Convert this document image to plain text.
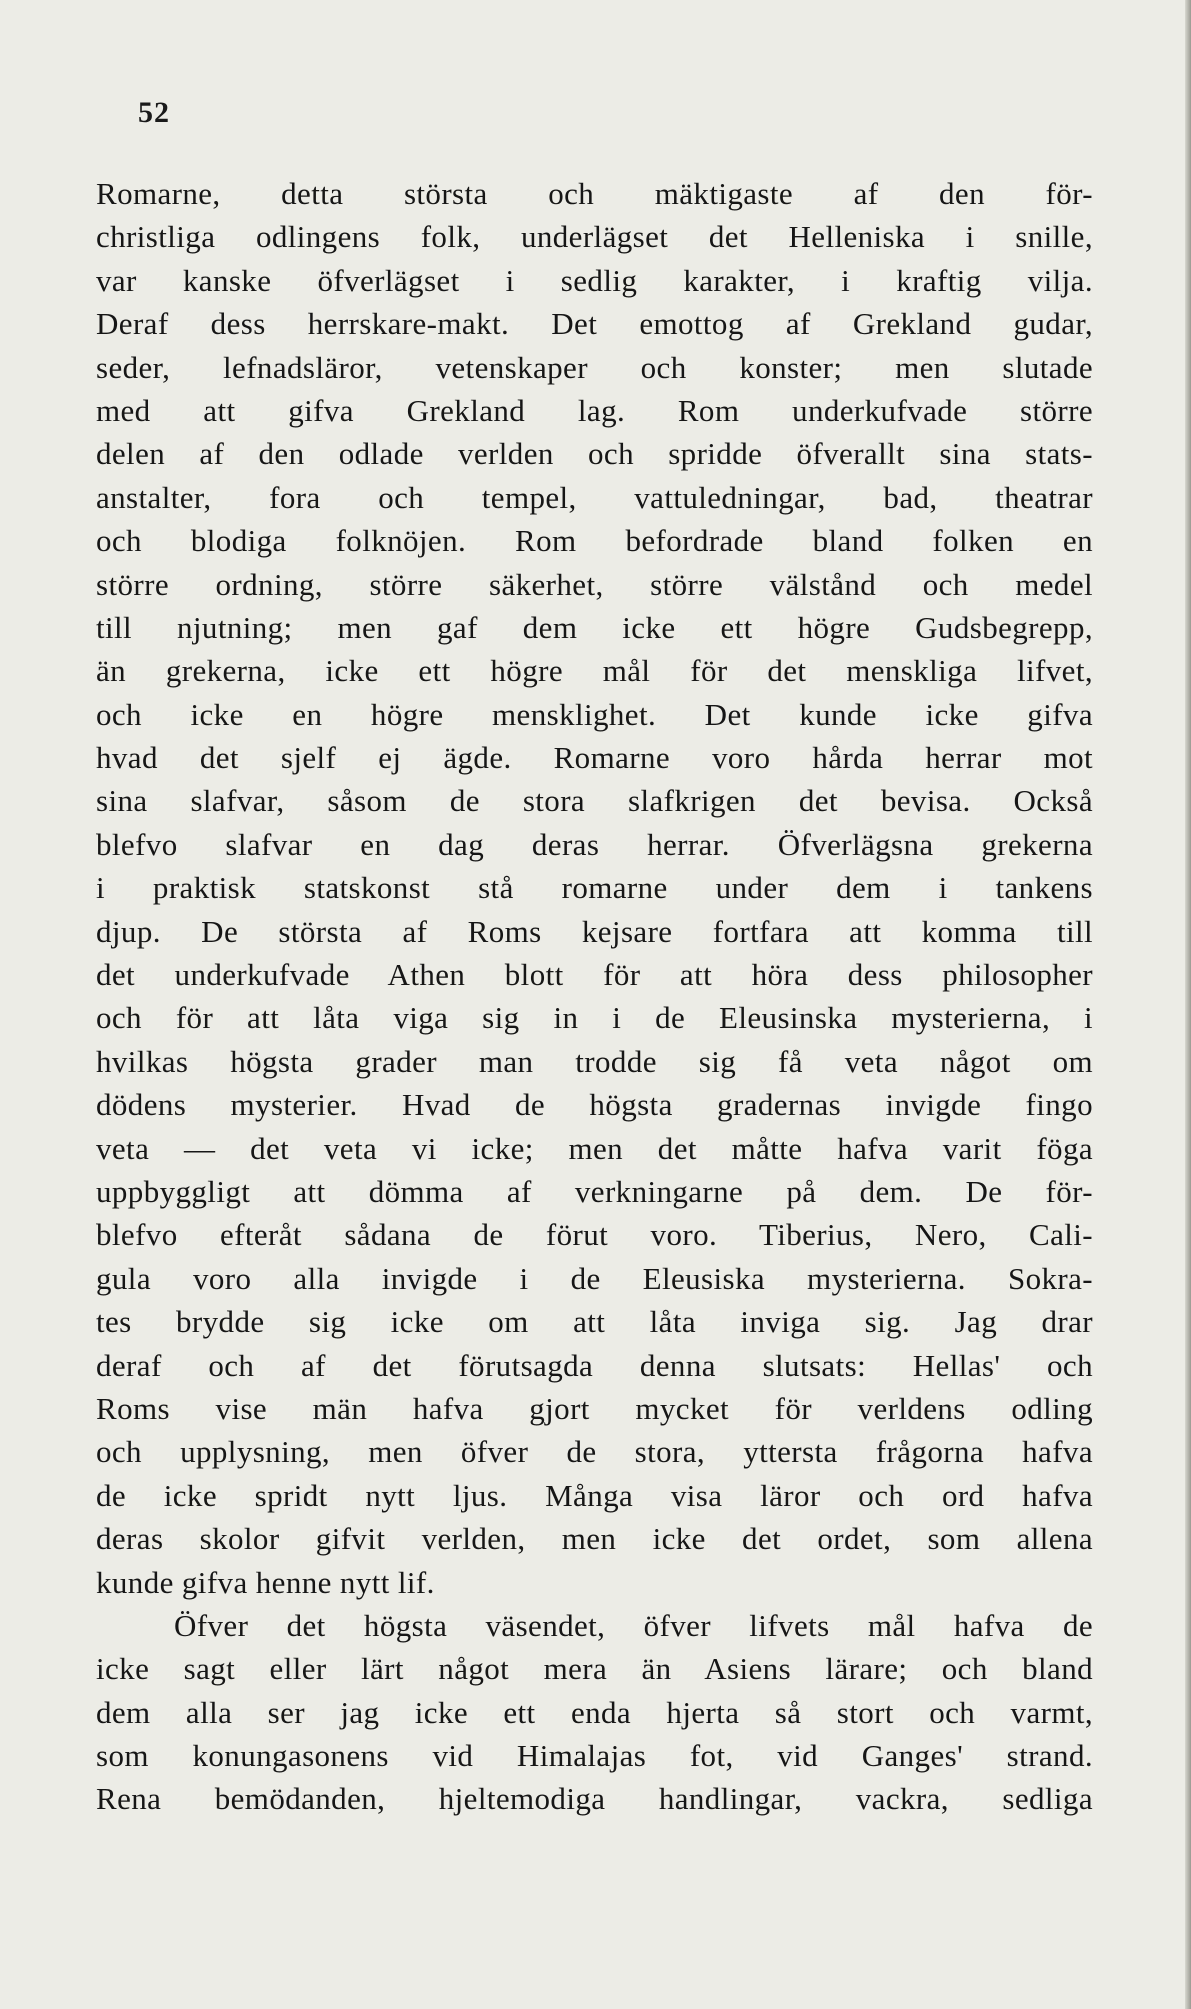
52
Romarne, detta största och mäktigaste af den för-
christliga odlingens folk, underlägset det Helleniska i snille,
var kanske öfverlägset i sedlig karakter, i kraftig vilja.
Deraf dess herrskare-makt. Det emottog af Grekland gudar,
seder, lefnadsläror, vetenskaper och konster; men slutade
med att gifva Grekland lag. Rom underkufvade större
delen af den odlade verlden och spridde öfverallt sina stats-
anstalter, fora och tempel, vattuledningar, bad, theatrar
och blodiga folknöjen. Rom befordrade bland folken en
större ordning, större säkerhet, större välstånd och medel
till njutning; men gaf dem icke ett högre Gudsbegrepp,
än grekerna, icke ett högre mål för det menskliga lifvet,
och icke en högre mensklighet. Det kunde icke gifva
hvad det sjelf ej ägde. Romarne voro hårda herrar mot
sina slafvar, såsom de stora slafkrigen det bevisa. Också
blefvo slafvar en dag deras herrar. Öfverlägsna grekerna
i praktisk statskonst stå romarne under dem i tankens
djup. De största af Roms kejsare fortfara att komma till
det underkufvade Athen blott för att höra dess philosopher
och för att låta viga sig in i de Eleusinska mysterierna, i
hvilkas högsta grader man trodde sig få veta något om
dödens mysterier. Hvad de högsta gradernas invigde fingo
veta — det veta vi icke; men det måtte hafva varit föga
uppbyggligt att dömma af verkningarne på dem. De för-
blefvo efteråt sådana de förut voro. Tiberius, Nero, Cali-
gula voro alla invigde i de Eleusiska mysterierna. Sokra-
tes brydde sig icke om att låta inviga sig. Jag drar
deraf och af det förutsagda denna slutsats: Hellas' och
Roms vise män hafva gjort mycket för verldens odling
och upplysning, men öfver de stora, yttersta frågorna hafva
de icke spridt nytt ljus. Många visa läror och ord hafva
deras skolor gifvit verlden, men icke det ordet, som allena
kunde gifva henne nytt lif.
Öfver det högsta väsendet, öfver lifvets mål hafva de
icke sagt eller lärt något mera än Asiens lärare; och bland
dem alla ser jag icke ett enda hjerta så stort och varmt,
som konungasonens vid Himalajas fot, vid Ganges' strand.
Rena bemödanden, hjeltemodiga handlingar, vackra, sedliga
